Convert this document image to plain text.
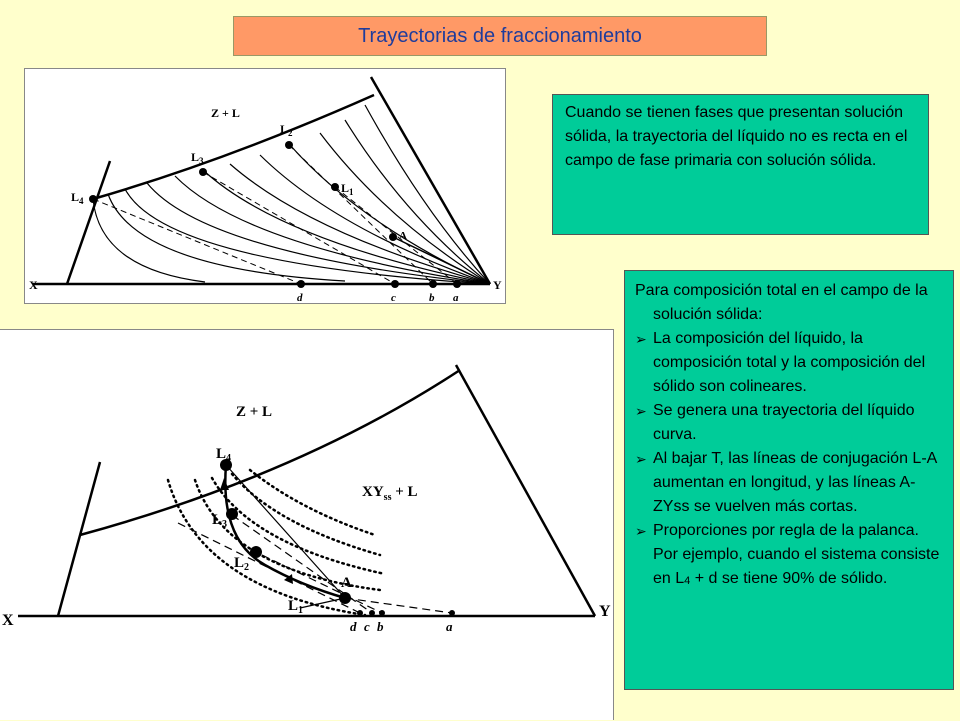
Trayectorias de fraccionamiento
Z + L
$L_4$
$L_3$
$L_2$
$L_1$
A
X	Y
d	c	b a
Z + L
$XY_{ss} + L$
$L_4$
$L_3$
$L_2$
$L_1$
A
X
Y
d c b	a

Cuando se tienen fases que presentan solución sólida, la trayectoria del líquido no es recta en el campo de fase primaria con solución sólida.

Para composición total en el campo de la solución sólida:

➢ La composición del líquido, la composición total y la composición del sólido son colineares.
➢ Se genera una trayectoria del líquido curva.
➢ Al bajar T, las líneas de conjugación L-A aumentan en longitud, y las líneas A-ZYss se vuelven más cortas.
➢ Proporciones por regla de la palanca. Por ejemplo, cuando el sistema consiste en L4 + d se tiene 90% de sólido.
